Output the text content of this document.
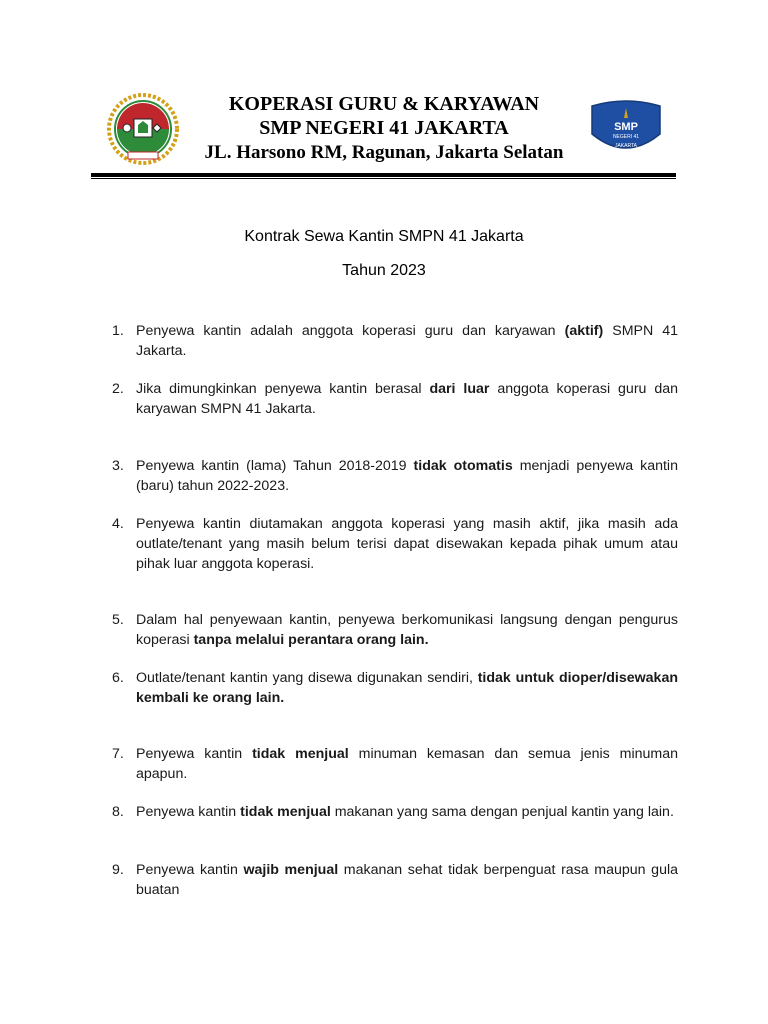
KOPERASI GURU & KARYAWAN
SMP NEGERI 41 JAKARTA
JL. Harsono RM, Ragunan, Jakarta Selatan
SMP
NEGERI 41
JAKARTA
Kontrak Sewa Kantin SMPN 41 Jakarta
Tahun 2023
1. Penyewa kantin adalah anggota koperasi guru dan karyawan (aktif) SMPN 41 Jakarta.
2. Jika dimungkinkan penyewa kantin berasal dari luar anggota koperasi guru dan karyawan SMPN 41 Jakarta.
3. Penyewa kantin (lama) Tahun 2018-2019 tidak otomatis menjadi penyewa kantin (baru) tahun 2022-2023.
4. Penyewa kantin diutamakan anggota koperasi yang masih aktif, jika masih ada outlate/tenant yang masih belum terisi dapat disewakan kepada pihak umum atau pihak luar anggota koperasi.
5. Dalam hal penyewaan kantin, penyewa berkomunikasi langsung dengan pengurus koperasi tanpa melalui perantara orang lain.
6. Outlate/tenant kantin yang disewa digunakan sendiri, tidak untuk dioper/disewakan kembali ke orang lain.
7. Penyewa kantin tidak menjual minuman kemasan dan semua jenis minuman apapun.
8. Penyewa kantin tidak menjual makanan yang sama dengan penjual kantin yang lain.
9. Penyewa kantin wajib menjual makanan sehat tidak berpenguat rasa maupun gula buatan
